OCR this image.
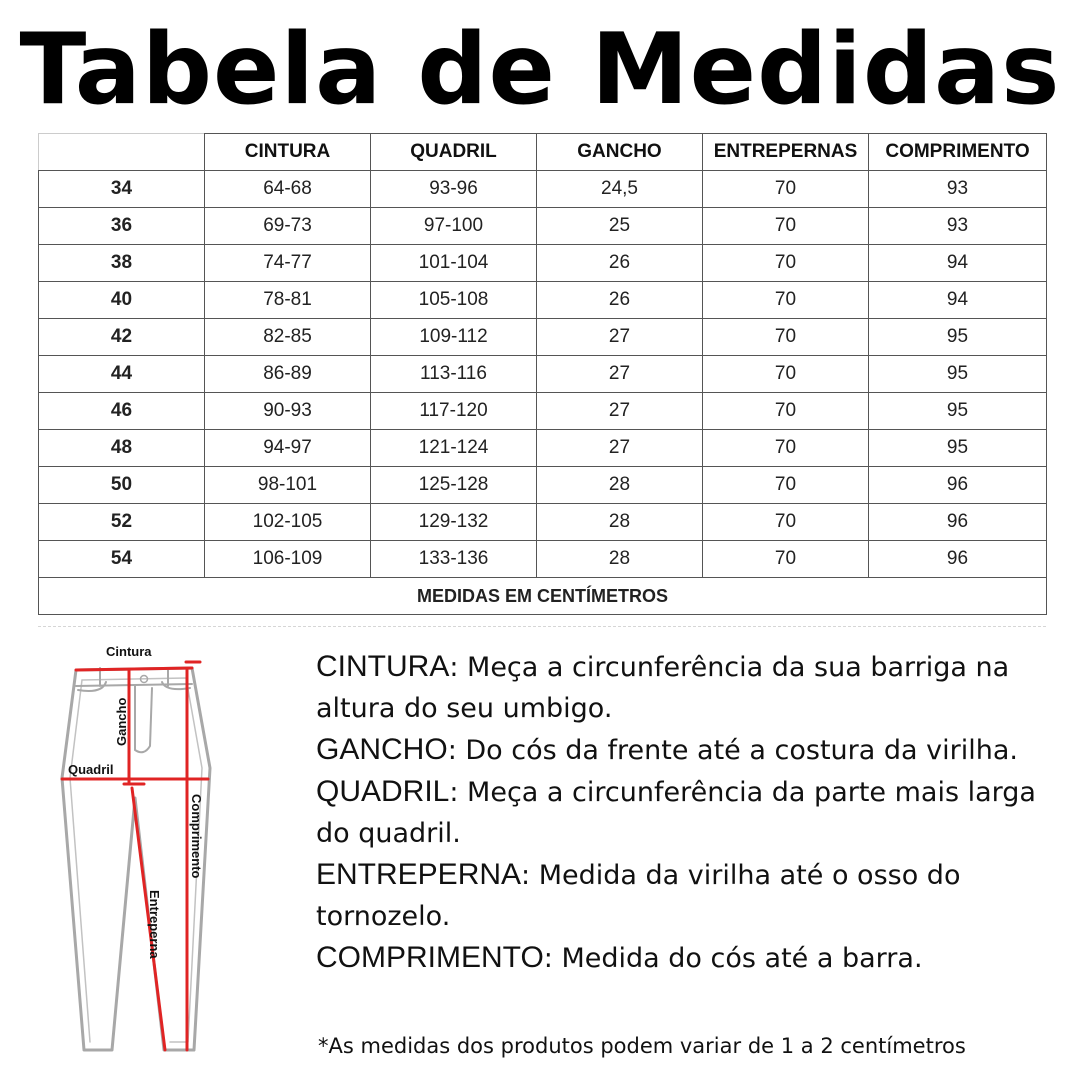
Tabela de Medidas
	CINTURA	QUADRIL	GANCHO	ENTREPERNAS	COMPRIMENTO
34	64-68	93-96	24,5	70	93
36	69-73	97-100	25	70	93
38	74-77	101-104	26	70	94
40	78-81	105-108	26	70	94
42	82-85	109-112	27	70	95
44	86-89	113-116	27	70	95
46	90-93	117-120	27	70	95
48	94-97	121-124	27	70	95
50	98-101	125-128	28	70	96
52	102-105	129-132	28	70	96
54	106-109	133-136	28	70	96
MEDIDAS EM CENTÍMETROS					
Cintura
Gancho
Quadril
Comprimento
Entreperna

CINTURA: Meça a circunferência da sua barriga na altura do seu umbigo.

GANCHO: Do cós da frente até a costura da virilha.

QUADRIL: Meça a circunferência da parte mais larga do quadril.

ENTREPERNA: Medida da virilha até o osso do tornozelo.

COMPRIMENTO: Medida do cós até a barra.

*As medidas dos produtos podem variar de 1 a 2 centímetros
